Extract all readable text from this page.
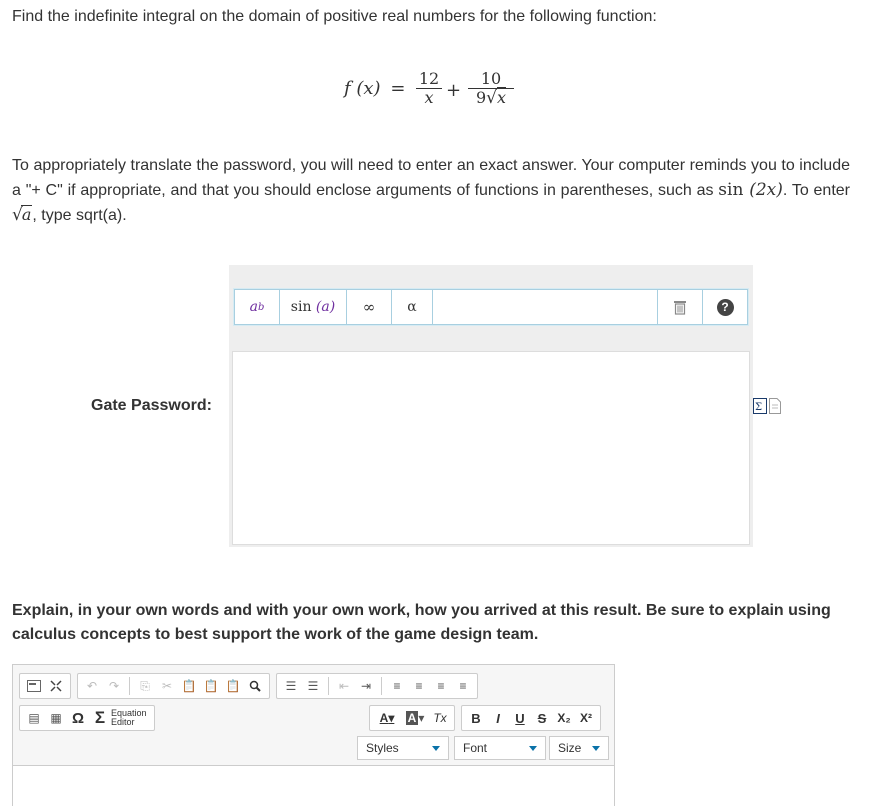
Find the indefinite integral on the domain of positive real numbers for the following function:
f $(x) = \frac{12}{x} + \frac{10}{9√x}$
To appropriately translate the password, you will need to enter an exact answer. Your computer reminds you to include a "+ C" if appropriate, and that you should enclose arguments of functions in parentheses, such as sin (2x). To enter √a, type sqrt(a).
a b sin
(a)	∞	α	?
Gate Password:	Σ
Explain, in your own words and with your own work, how you arrived at this result. Be sure to explain using calculus concepts to best support the work of the game design team.
↶ ↷	⎘	✂ 📋 📋 📋	☰ ☰	⇤ ⇥	≡	≡	≡	≡
▤ ▦ Ω Σ Equation
Editor	A ▾	A ▾ Tx	B	I	U S X₂ X²
Styles	Font	Size
